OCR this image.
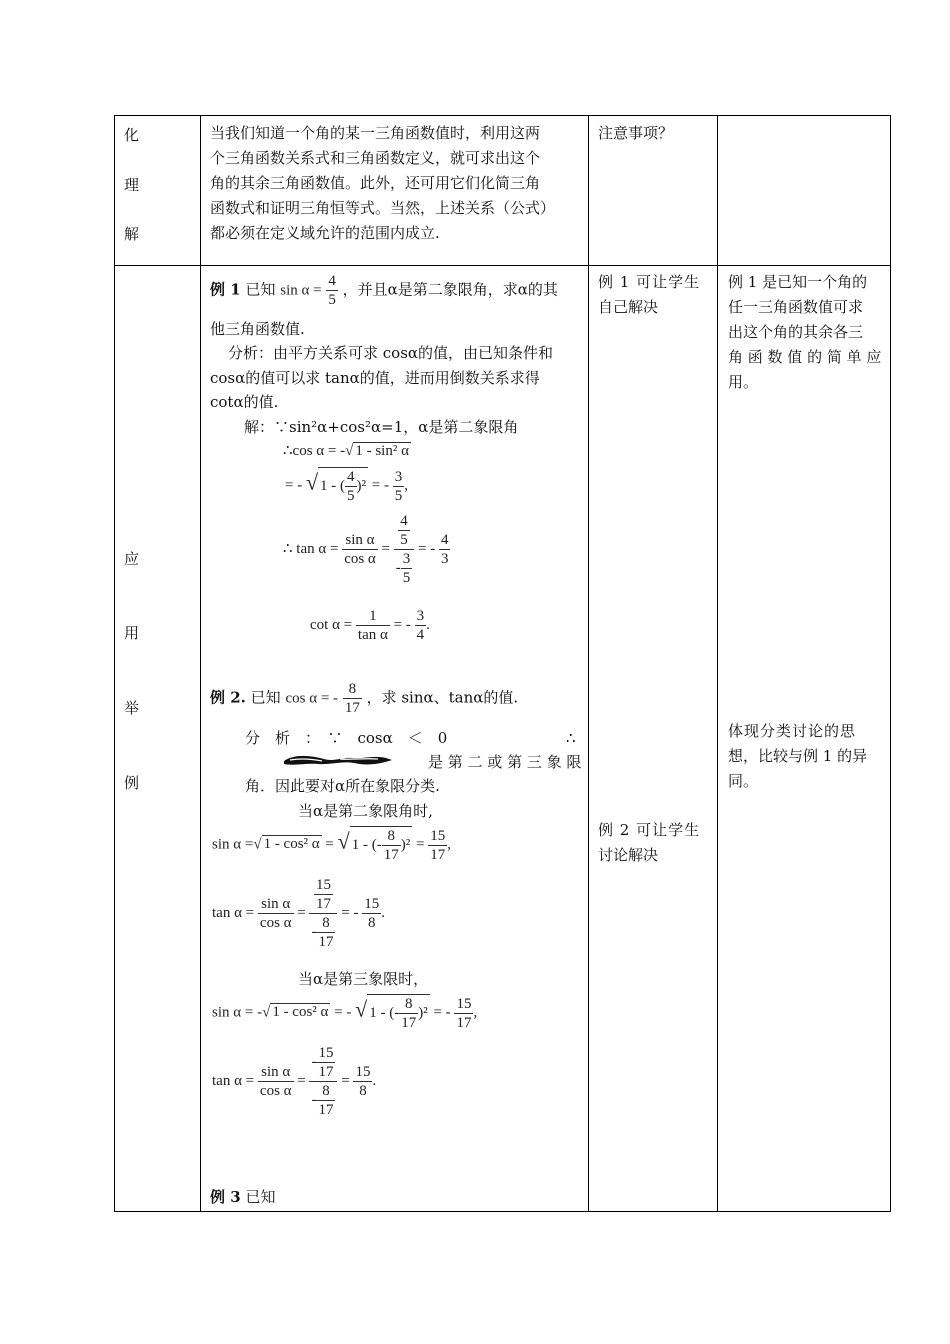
化
理
解
当我们知道一个角的某一三角函数值时，利用这两
个三角函数关系式和三角函数定义，就可求出这个
角的其余三角函数值。此外，还可用它们化简三角
函数式和证明三角恒等式。当然，上述关系（公式）
都必须在定义域允许的范围内成立.
注意事项？
应
用
举
例
例 1 可让学生
自己解决
例 2 可让学生
讨论解决
例 1 是已知一个角的
任一三角函数值可求
出这个角的其余各三
角 函 数 值 的 简 单 应
用。
体现分类讨论的思
想，比较与例 1 的异
同。
例 1 已知 $\sin \alpha = \frac{4}{5}$ ，并且α是第二象限角，求α的其
他三角函数值.
分析：由平方关系可求 cosα的值，由已知条件和
cosα的值可以求 tanα的值，进而用倒数关系求得
cotα的值.
解：∵sin²α+cos²α=1，α是第二象限角
∴cos α = -√ 1 - sin² α
= - √ 1 - ( $\frac{4}{5} )^2$ = - $\frac{3}{5}$ ,
∴ $\tan \alpha = \frac{\text{sin α}}{\text{cos α}} = \frac{\frac{4}{5}}{- \frac{3}{5}}$ = - $\frac{4}{3}$
$\cot \alpha = \frac{1}{\text{tan α}}$ = - $\frac{3}{4}$ .
例 2. 已知 cos α = - $\frac{8}{17}$ ，求 sinα、tanα的值.
分　析　：　∵　cosα　＜　0	∴
是 第 二 或 第 三 象 限
角．因此要对α所在象限分类.
当α是第二象限角时,
sin α =√ 1 - cos² α = √ 1 - (- $\frac{8}{17} )^2 = \frac{15}{17}$ ,
$\tan \alpha = \frac{\text{sin α}}{\text{cos α}} = \frac{\frac{15}{17}}{- \frac{8}{17}}$ = - $\frac{15}{8}$ .
当α是第三象限时，
sin α = -√ 1 - cos² α = - √ 1 - (- $\frac{8}{17} )^2$ = - $\frac{15}{17}$ ,
$\tan \alpha = \frac{\text{sin α}}{\text{cos α}} = \frac{- \frac{15}{17}}{- \frac{8}{17}} = \frac{15}{8}$ .
例 3 已知
